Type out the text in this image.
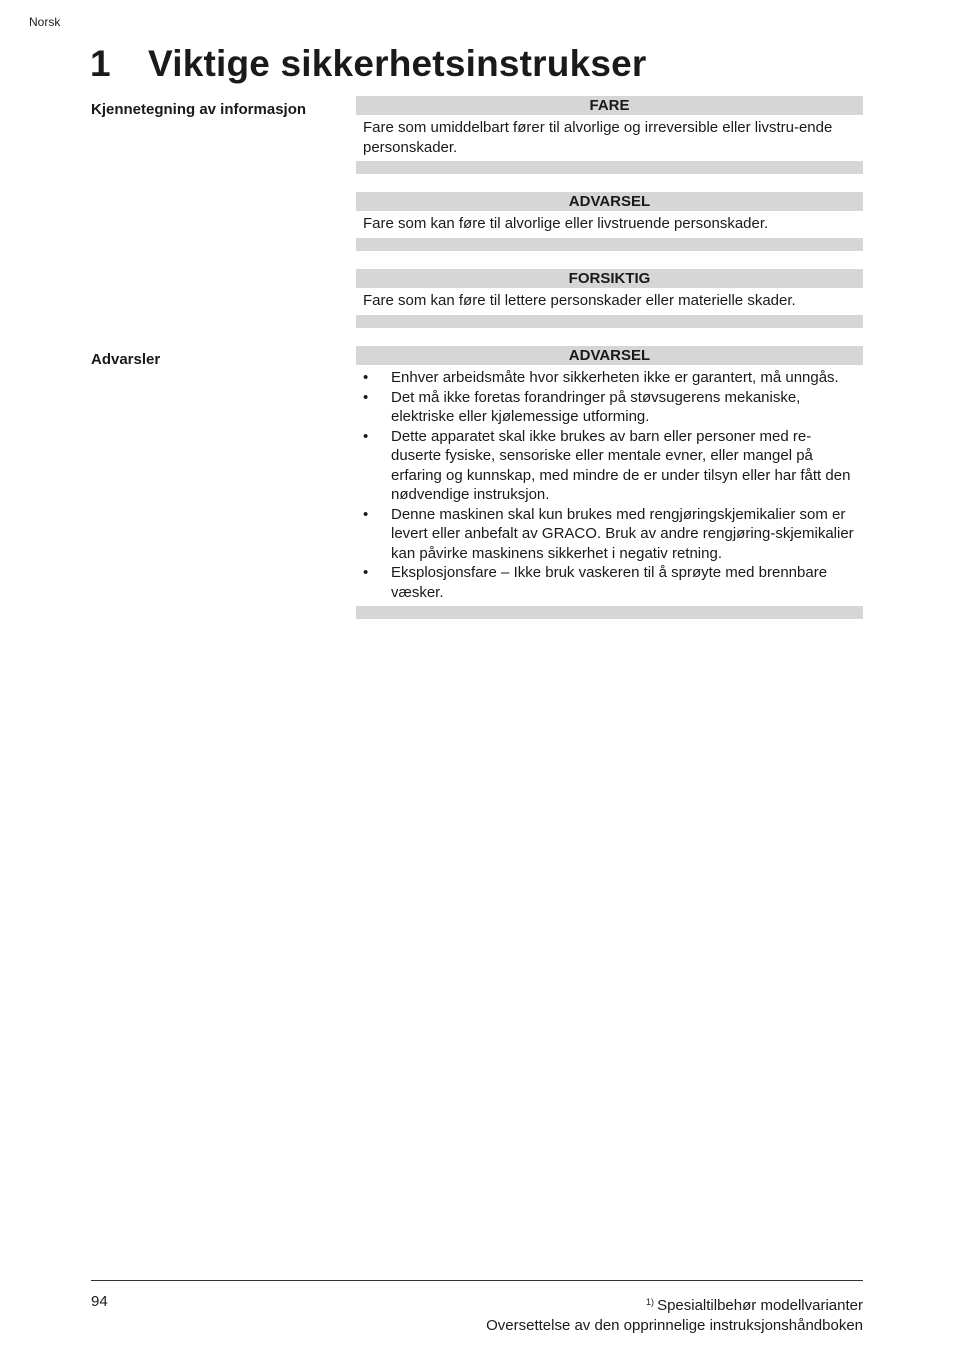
Norsk
1 Viktige sikkerhetsinstrukser
Kjennetegning av informasjon	FARE
Fare som umiddelbart fører til alvorlige og irreversible eller livstru-ende personskader.
ADVARSEL
Fare som kan føre til alvorlige eller livstruende personskader.
FORSIKTIG
Fare som kan føre til lettere personskader eller materielle skader.
Advarsler	ADVARSEL
• Enhver arbeidsmåte hvor sikkerheten ikke er garantert, må unngås.
• Det må ikke foretas forandringer på støvsugerens mekaniske, elektriske eller kjølemessige utforming.
• Dette apparatet skal ikke brukes av barn eller personer med re-duserte fysiske, sensoriske eller mentale evner, eller mangel på erfaring og kunnskap, med mindre de er under tilsyn eller har fått den nødvendige instruksjon.
• Denne maskinen skal kun brukes med rengjøringskjemikalier som er levert eller anbefalt av GRACO. Bruk av andre rengjøring-skjemikalier kan påvirke maskinens sikkerhet i negativ retning.
• Eksplosjonsfare – Ikke bruk vaskeren til å sprøyte med brennbare væsker.
94	$^{1)}$ Spesialtilbehør modellvarianter
Oversettelse av den opprinnelige instruksjonshåndboken
